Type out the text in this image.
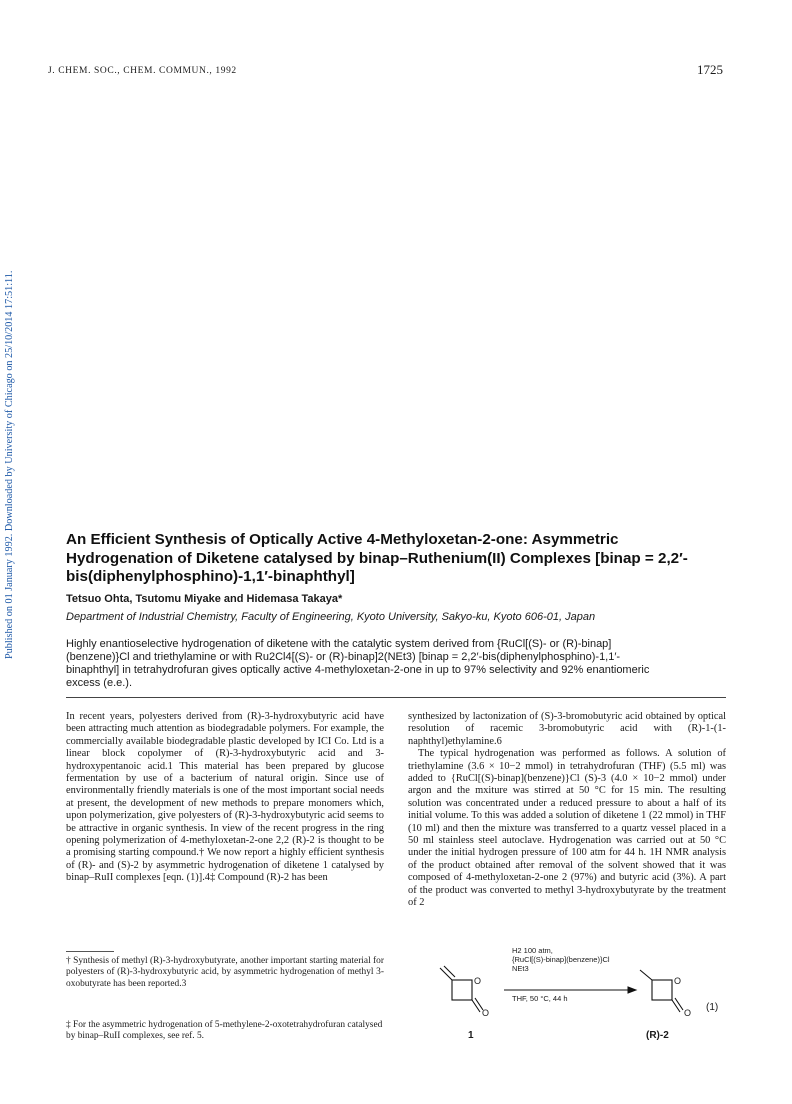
Published on 01 January 1992. Downloaded by University of Chicago on 25/10/2014 17:51:11.
J. CHEM. SOC., CHEM. COMMUN., 1992	1725
An Efficient Synthesis of Optically Active 4-Methyloxetan-2-one: Asymmetric Hydrogenation of Diketene catalysed by binap–Ruthenium(II) Complexes [binap = 2,2′-bis(diphenylphosphino)-1,1′-binaphthyl]
Tetsuo Ohta, Tsutomu Miyake and Hidemasa Takaya*
Department of Industrial Chemistry, Faculty of Engineering, Kyoto University, Sakyo-ku, Kyoto 606-01, Japan
Highly enantioselective hydrogenation of diketene with the catalytic system derived from {RuCl[(S)- or (R)-binap](benzene)}Cl and triethylamine or with Ru2Cl4[(S)- or (R)-binap]2(NEt3) [binap = 2,2′-bis(diphenylphosphino)-1,1′-binaphthyl] in tetrahydrofuran gives optically active 4-methyloxetan-2-one in up to 97% selectivity and 92% enantiomeric excess (e.e.).

In recent years, polyesters derived from (R)-3-hydroxybutyric acid have been attracting much attention as biodegradable polymers. For example, the commercially available biodegradable plastic developed by ICI Co. Ltd is a linear block copolymer of (R)-3-hydroxybutyric acid and 3-hydroxypentanoic acid.1 This material has been prepared by glucose fermentation by use of a bacterium of natural origin. Since use of environmentally friendly materials is one of the most important social needs at present, the development of new methods to prepare monomers which, upon polymerization, give polyesters of (R)-3-hydroxybutyric acid seems to be attractive in organic synthesis. In view of the recent progress in the ring opening polymerization of 4-methyloxetan-2-one 2,2 (R)-2 is thought to be a promising starting compound.† We now report a highly efficient synthesis of (R)- and (S)-2 by asymmetric hydrogenation of diketene 1 catalysed by binap–RuII complexes [eqn. (1)].4‡ Compound (R)-2 has been

synthesized by lactonization of (S)-3-bromobutyric acid obtained by optical resolution of racemic 3-bromobutyric acid with (R)-1-(1-naphthyl)ethylamine.6

The typical hydrogenation was performed as follows. A solution of triethylamine (3.6 × 10−2 mmol) in tetrahydrofuran (THF) (5.5 ml) was added to {RuCl[(S)-binap](benzene)}Cl (S)-3 (4.0 × 10−2 mmol) under argon and the mxiture was stirred at 50 °C for 15 min. The resulting solution was concentrated under a reduced pressure to about a half of its initial volume. To this was added a solution of diketene 1 (22 mmol) in THF (10 ml) and then the mixture was transferred to a quartz vessel placed in a 50 ml stainless steel autoclave. Hydrogenation was carried out at 50 °C under the initial hydrogen pressure of 100 atm for 44 h. 1H NMR analysis of the product obtained after removal of the solvent showed that it was composed of 4-methyloxetan-2-one 2 (97%) and butyric acid (3%). A part of the product was converted to methyl 3-hydroxybutyrate by the treatment of 2

† Synthesis of methyl (R)-3-hydroxybutyrate, another important starting material for polyesters of (R)-3-hydroxybutyric acid, by asymmetric hydrogenation of methyl 3-oxobutyrate has been reported.3
‡ For the asymmetric hydrogenation of 5-methylene-2-oxotetrahydrofuran catalysed by binap–RuII complexes, see ref. 5.
H2 100 atm,
{RuCl[(S)-binap](benzene)}Cl
NEt3
THF, 50 °C, 44 h
O
O
O
O
1	(R)-2
(1)
